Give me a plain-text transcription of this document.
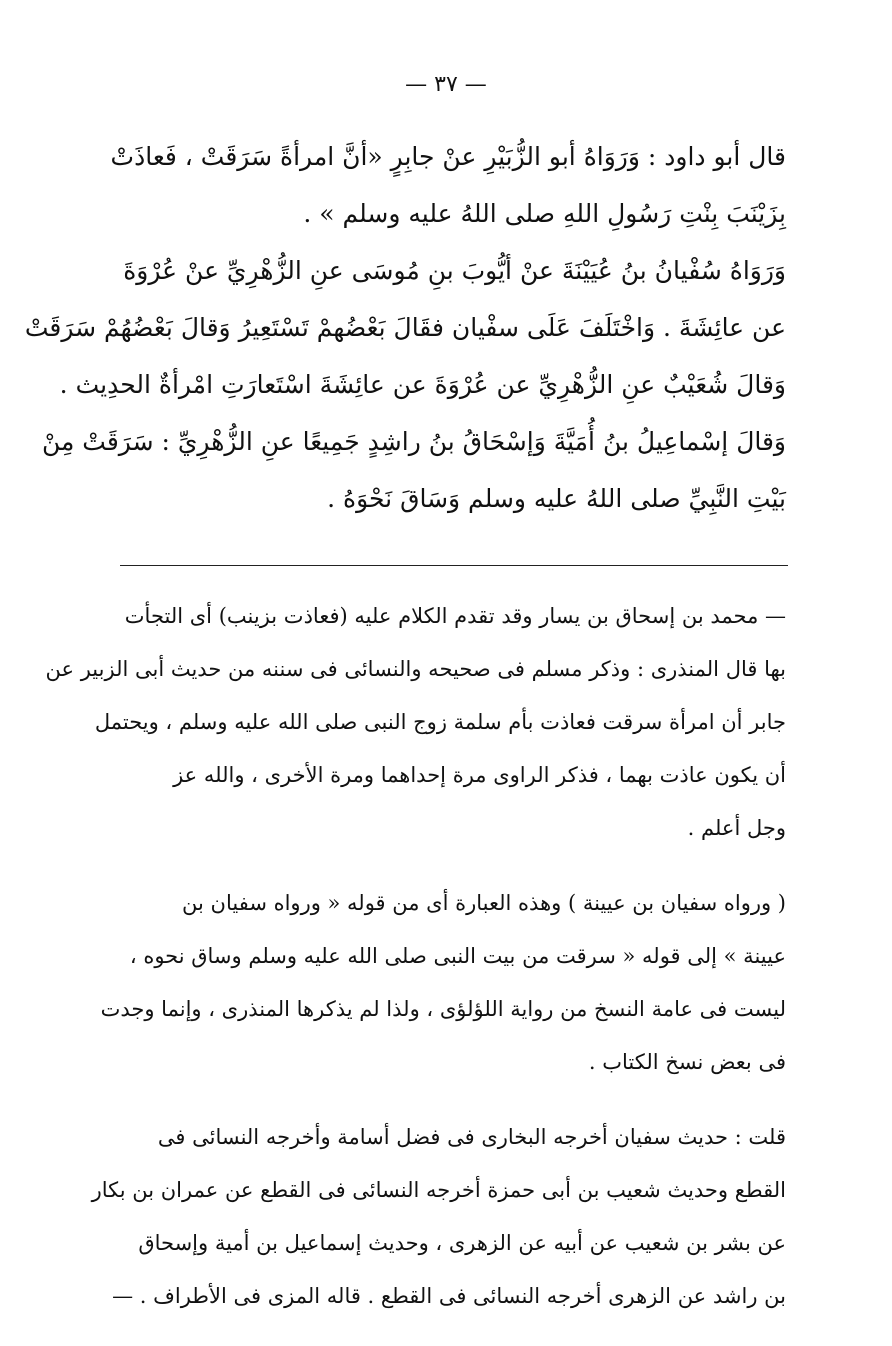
— ٣٧ —
قال أبو داود : وَرَوَاهُ أبو الزُّبَيْرِ عنْ جابِرٍ «أنَّ امرأةً سَرَقَتْ ، فَعاذَتْ
بِزَيْنَبَ بِنْتِ رَسُولِ اللهِ صلى اللهُ عليه وسلم » .
وَرَوَاهُ سُفْيانُ بنُ عُيَيْنَةَ عنْ أيُّوبَ بنِ مُوسَى عنِ الزُّهْرِيِّ عنْ عُرْوَةَ
عن عائِشَةَ . وَاخْتَلَفَ عَلَى سفْيان فقَالَ بَعْضُهمْ تَسْتَعِيرُ وَقالَ بَعْضُهُمْ سَرَقَتْ
وَقالَ شُعَيْبٌ عنِ الزُّهْرِيِّ عن عُرْوَةَ عن عائِشَةَ اسْتَعارَتِ امْرأةٌ الحدِيث .
وَقالَ إسْماعِيلُ بنُ أُمَيَّةَ وَإسْحَاقُ بنُ راشِدٍ جَمِيعًا عنِ الزُّهْرِيِّ : سَرَقَتْ مِنْ
بَيْتِ النَّبِيِّ صلى اللهُ عليه وسلم وَسَاقَ نَحْوَهُ .
— محمد بن إسحاق بن يسار وقد تقدم الكلام عليه (فعاذت بزينب) أى التجأت
بها قال المنذرى : وذكر مسلم فى صحيحه والنسائى فى سننه من حديث أبى الزبير عن
جابر أن امرأة سرقت فعاذت بأم سلمة زوج النبى صلى الله عليه وسلم ، ويحتمل
أن يكون عاذت بهما ، فذكر الراوى مرة إحداهما ومرة الأخرى ، والله عز
وجل أعلم .
( ورواه سفيان بن عيينة ) وهذه العبارة أى من قوله « ورواه سفيان بن
عيينة » إلى قوله « سرقت من بيت النبى صلى الله عليه وسلم وساق نحوه ،
ليست فى عامة النسخ من رواية اللؤلؤى ، ولذا لم يذكرها المنذرى ، وإنما وجدت
فى بعض نسخ الكتاب .
قلت : حديث سفيان أخرجه البخارى فى فضل أسامة وأخرجه النسائى فى
القطع وحديث شعيب بن أبى حمزة أخرجه النسائى فى القطع عن عمران بن بكار
عن بشر بن شعيب عن أبيه عن الزهرى ، وحديث إسماعيل بن أمية وإسحاق
بن راشد عن الزهرى أخرجه النسائى فى القطع . قاله المزى فى الأطراف . —
